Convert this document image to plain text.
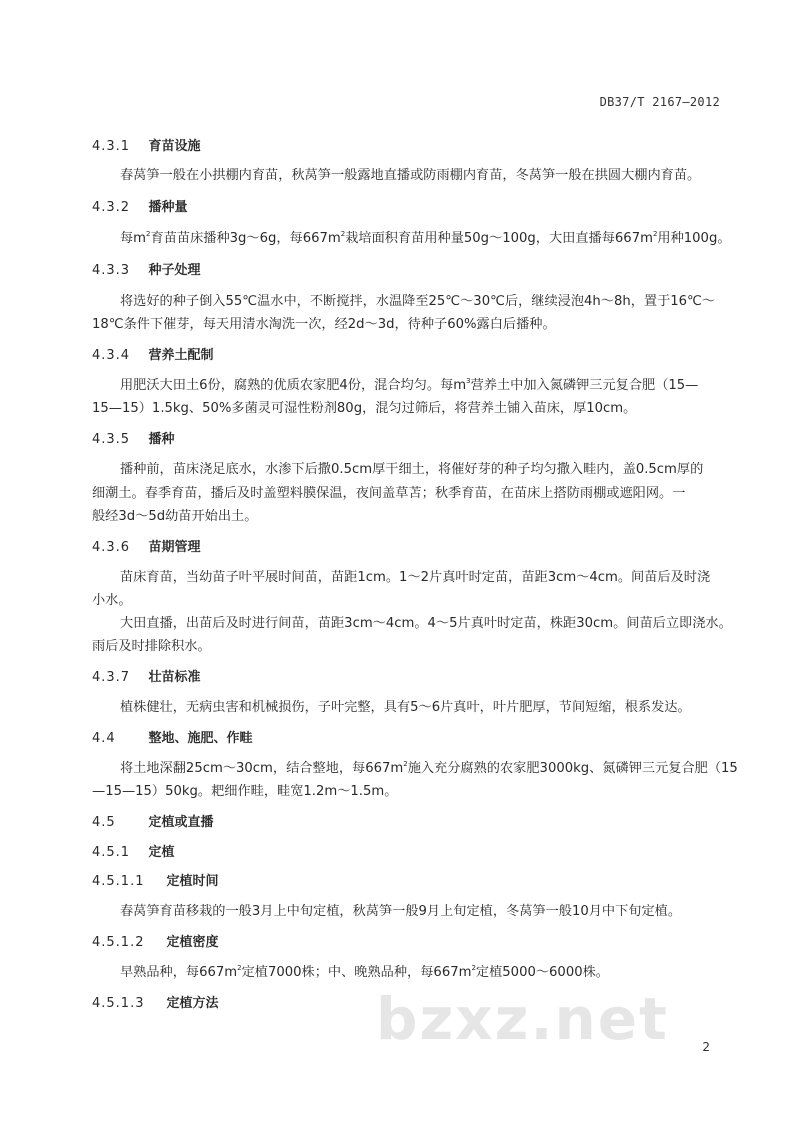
DB37/T 2167—2012
4.3.1 育苗设施
春莴笋一般在小拱棚内育苗，秋莴笋一般露地直播或防雨棚内育苗，冬莴笋一般在拱圆大棚内育苗。
4.3.2 播种量
每$m^2$育苗苗床播种3g～6g，每$667m^2$栽培面积育苗用种量50g～100g，大田直播每$667m^2$用种100g。
4.3.3 种子处理
将选好的种子倒入55℃温水中，不断搅拌，水温降至25℃～30℃后，继续浸泡4h～8h，置于16℃～
18℃条件下催芽，每天用清水淘洗一次，经2d～3d，待种子60%露白后播种。
4.3.4 营养土配制
用肥沃大田土6份，腐熟的优质农家肥4份，混合均匀。每$m^3$营养土中加入氮磷钾三元复合肥（15—
15—15）1.5kg、50%多菌灵可湿性粉剂80g，混匀过筛后，将营养土铺入苗床，厚10cm。
4.3.5 播种
播种前，苗床浇足底水，水渗下后撒0.5cm厚干细土，将催好芽的种子均匀撒入畦内，盖0.5cm厚的
细潮土。春季育苗，播后及时盖塑料膜保温，夜间盖草苫；秋季育苗，在苗床上搭防雨棚或遮阳网。一
般经3d～5d幼苗开始出土。
4.3.6 苗期管理
苗床育苗，当幼苗子叶平展时间苗，苗距1cm。1～2片真叶时定苗，苗距3cm～4cm。间苗后及时浇
小水。
大田直播，出苗后及时进行间苗，苗距3cm～4cm。4～5片真叶时定苗，株距30cm。间苗后立即浇水。
雨后及时排除积水。
4.3.7 壮苗标准
植株健壮，无病虫害和机械损伤，子叶完整，具有5～6片真叶，叶片肥厚，节间短缩，根系发达。
4.4	整地、施肥、作畦
将土地深翻25cm～30cm，结合整地，每$667m^2$施入充分腐熟的农家肥3000kg、氮磷钾三元复合肥（15
—15—15）50kg。耙细作畦，畦宽1.2m～1.5m。
4.5	定植或直播
4.5.1 定植
4.5.1.1 定植时间
春莴笋育苗移栽的一般3月上中旬定植，秋莴笋一般9月上旬定植，冬莴笋一般10月中下旬定植。
4.5.1.2 定植密度
早熟品种，每$667m^2$定植7000株；中、晚熟品种，每$667m^2$定植5000～6000株。
4.5.1.3 定植方法	bzxz.net	2
